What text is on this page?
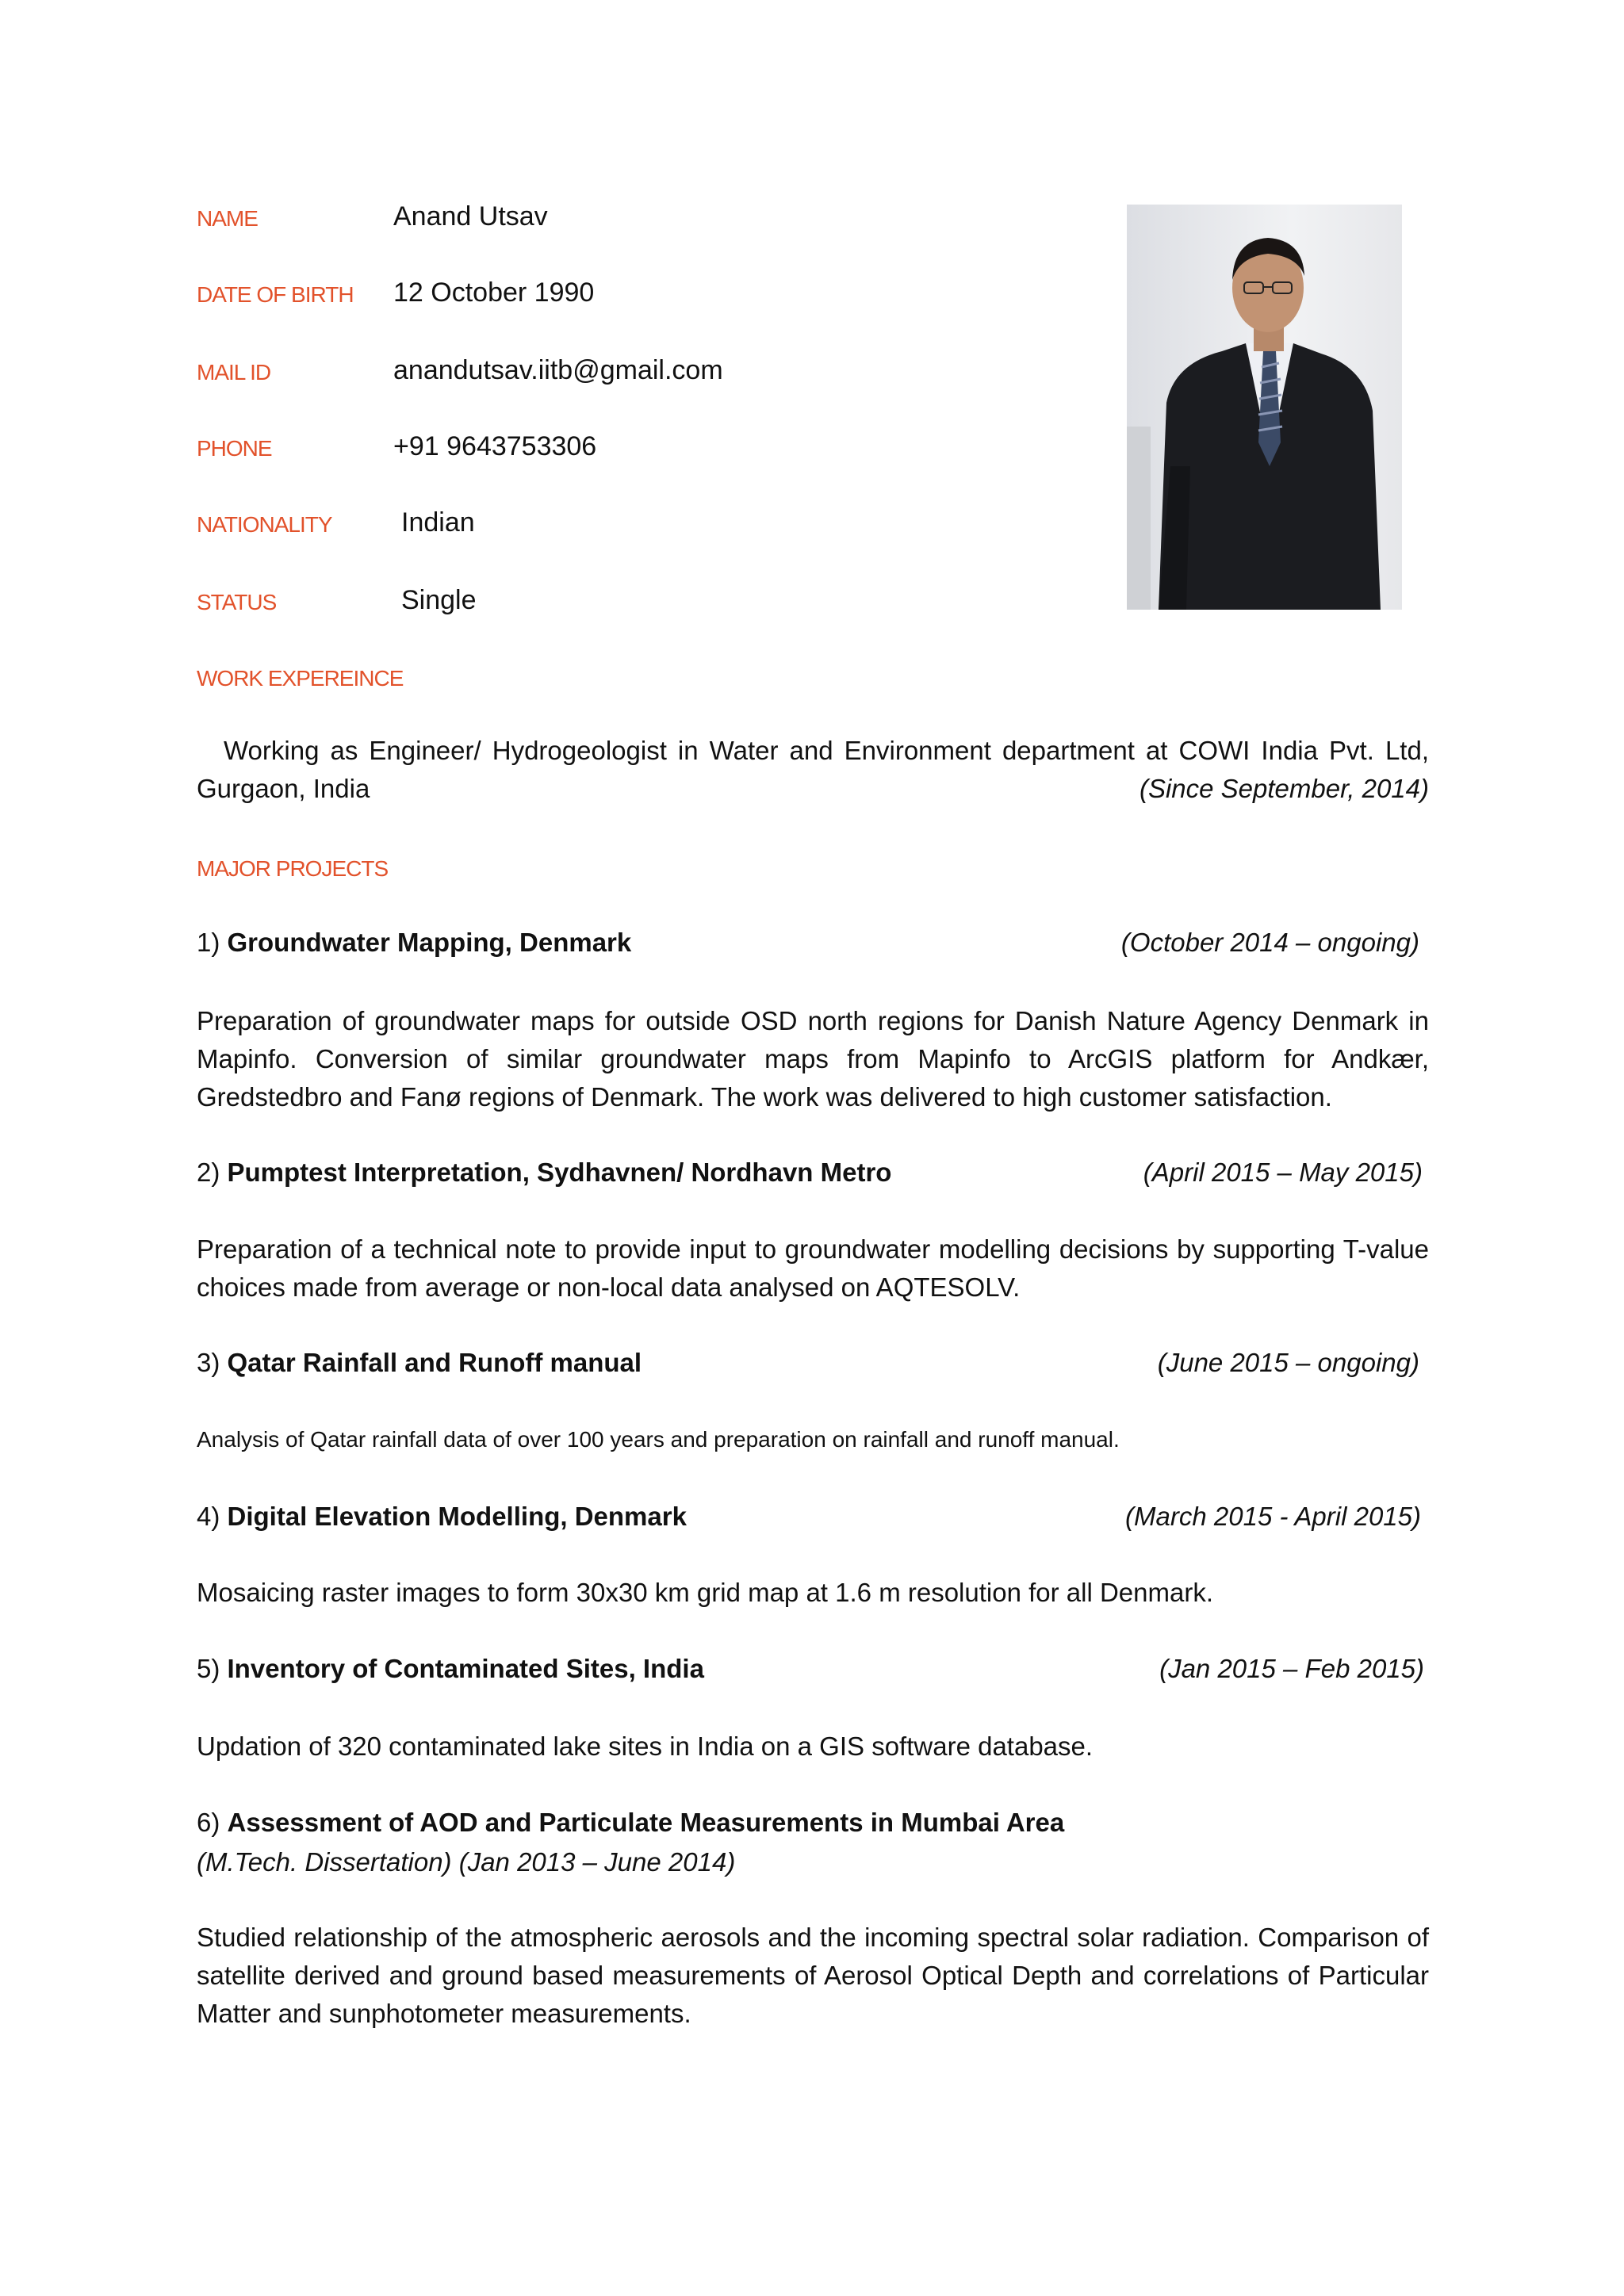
NAME	Anand Utsav
DATE OF BIRTH 12 October 1990
MAIL ID	anandutsav.iitb@gmail.com
PHONE	+91 9643753306
NATIONALITY	Indian
STATUS	Single
WORK EXPEREINCE
Working as Engineer/ Hydrogeologist in Water and Environment department at COWI India Pvt. Ltd,
Gurgaon, India	(Since September, 2014)
MAJOR PROJECTS
1) Groundwater Mapping, Denmark	(October 2014 – ongoing)
Preparation of groundwater maps for outside OSD north regions for Danish Nature Agency Denmark in Mapinfo. Conversion of similar groundwater maps from Mapinfo to ArcGIS platform for Andkær, Gredstedbro and Fanø regions of Denmark. The work was delivered to high customer satisfaction.
2) Pumptest Interpretation, Sydhavnen/ Nordhavn Metro	(April 2015 – May 2015)
Preparation of a technical note to provide input to groundwater modelling decisions by supporting T-value choices made from average or non-local data analysed on AQTESOLV.
3) Qatar Rainfall and Runoff manual	(June 2015 – ongoing)
Analysis of Qatar rainfall data of over 100 years and preparation on rainfall and runoff manual.
4) Digital Elevation Modelling, Denmark	(March 2015 - April 2015)
Mosaicing raster images to form 30x30 km grid map at 1.6 m resolution for all Denmark.
5) Inventory of Contaminated Sites, India	(Jan 2015 – Feb 2015)
Updation of 320 contaminated lake sites in India on a GIS software database.
6) Assessment of AOD and Particulate Measurements in Mumbai Area
(M.Tech. Dissertation) (Jan 2013 – June 2014)
Studied relationship of the atmospheric aerosols and the incoming spectral solar radiation. Comparison of satellite derived and ground based measurements of Aerosol Optical Depth and correlations of Particular Matter and sunphotometer measurements.
